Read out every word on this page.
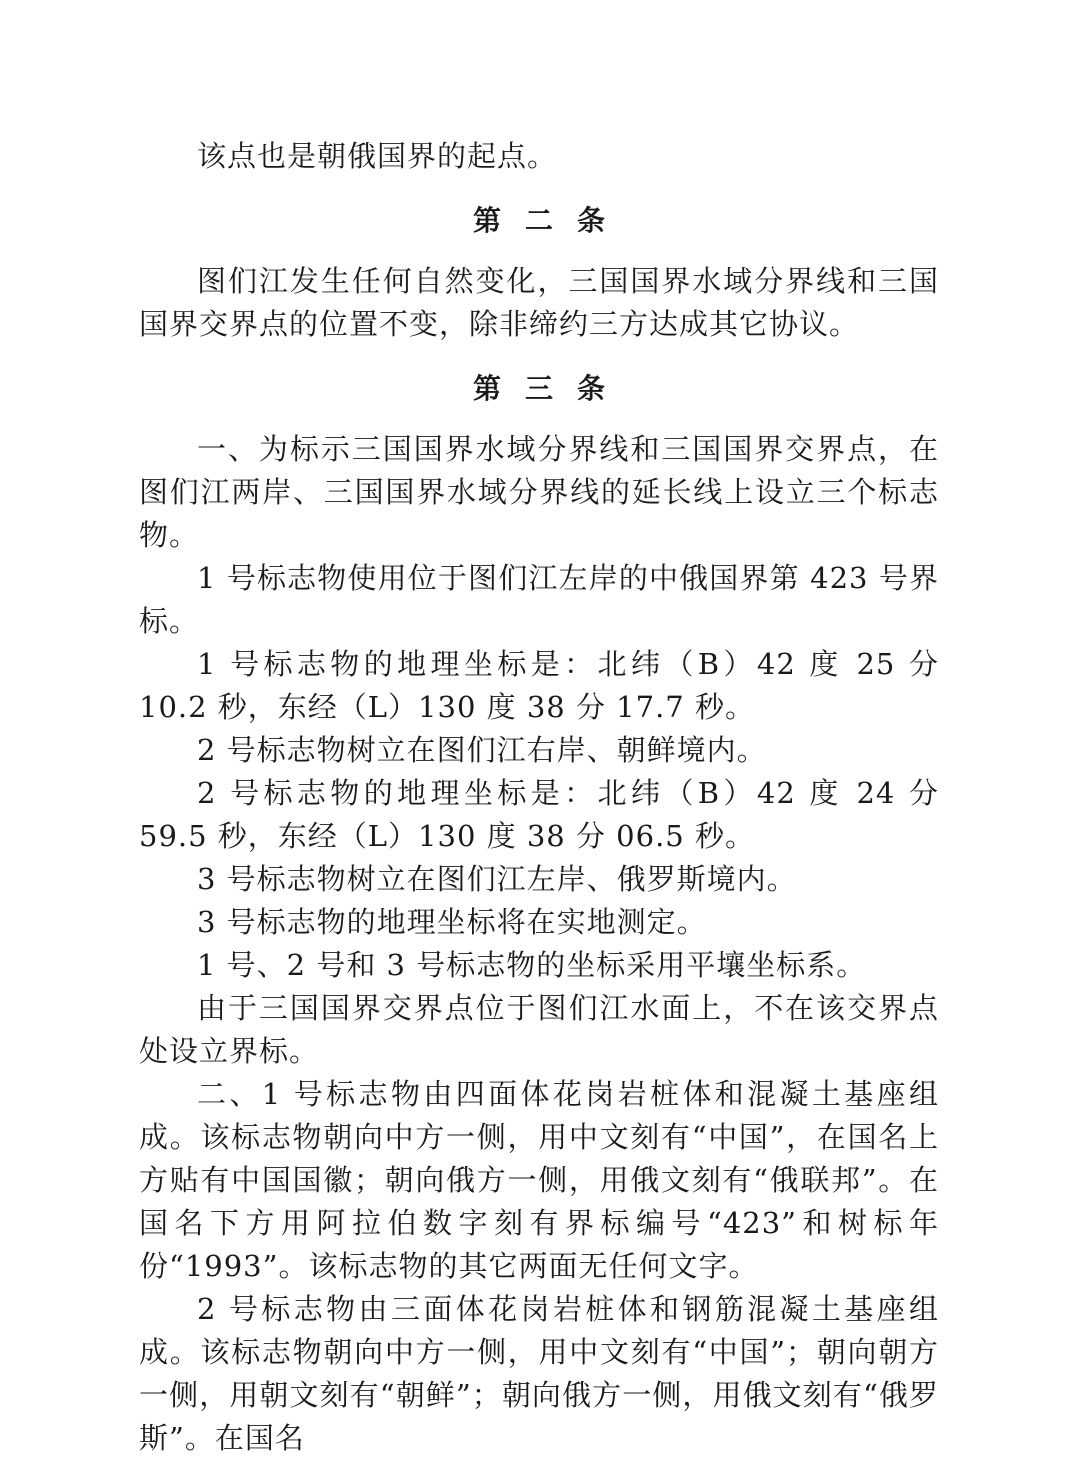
该点也是朝俄国界的起点。

第二条

图们江发生任何自然变化，三国国界水域分界线和三国国界交界点的位置不变，除非缔约三方达成其它协议。

第三条

一、为标示三国国界水域分界线和三国国界交界点，在图们江两岸、三国国界水域分界线的延长线上设立三个标志物。

1 号标志物使用位于图们江左岸的中俄国界第 423 号界标。

1 号标志物的地理坐标是：北纬（B）42 度 25 分 10.2 秒，东经（L）130 度 38 分 17.7 秒。

2 号标志物树立在图们江右岸、朝鲜境内。

2 号标志物的地理坐标是：北纬（B）42 度 24 分 59.5 秒，东经（L）130 度 38 分 06.5 秒。

3 号标志物树立在图们江左岸、俄罗斯境内。

3 号标志物的地理坐标将在实地测定。

1 号、2 号和 3 号标志物的坐标采用平壤坐标系。

由于三国国界交界点位于图们江水面上，不在该交界点处设立界标。

二、1 号标志物由四面体花岗岩桩体和混凝土基座组成。该标志物朝向中方一侧，用中文刻有“中国”，在国名上方贴有中国国徽；朝向俄方一侧，用俄文刻有“俄联邦”。在国名下方用阿拉伯数字刻有界标编号“423”和树标年份“1993”。该标志物的其它两面无任何文字。

2 号标志物由三面体花岗岩桩体和钢筋混凝土基座组成。该标志物朝向中方一侧，用中文刻有“中国”；朝向朝方一侧，用朝文刻有“朝鲜”；朝向俄方一侧，用俄文刻有“俄罗斯”。在国名
